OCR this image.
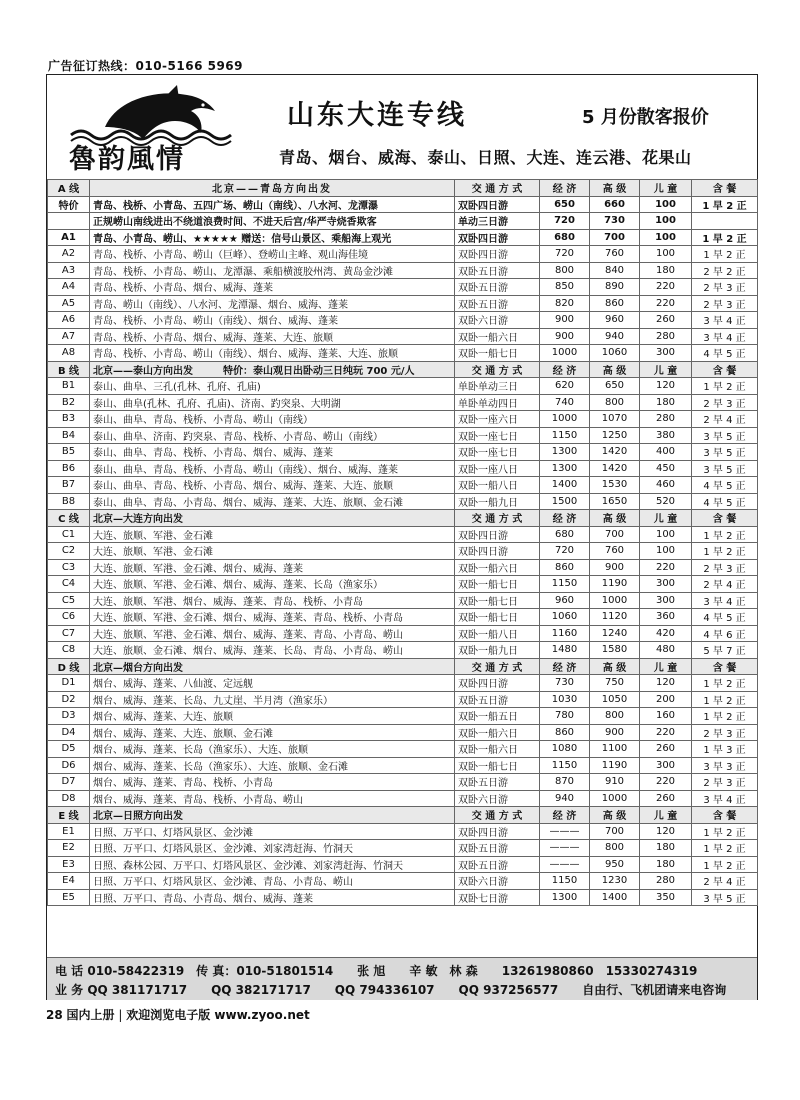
广告征订热线：010-5166 5969
魯韵風情
山东大连专线	5 月份散客报价
青岛、烟台、威海、泰山、日照、大连、连云港、花果山
A 线	北京——青岛方向出发	交 通 方 式	经 济	高 级	儿 童	含 餐
特价	青岛、栈桥、小青岛、五四广场、崂山（南线）、八水河、龙潭瀑	双卧四日游	650	660	100	1 早 2 正
	正规崂山南线进出不绕道浪费时间、不进天后宫/华严寺烧香欺客	单动三日游	720	730	100	
A1	青岛、小青岛、崂山、★★★★★ 赠送：信号山景区、乘船海上观光	双卧四日游	680	700	100	1 早 2 正
A2	青岛、栈桥、小青岛、崂山（巨峰）、登崂山主峰、观山海佳境	双卧四日游	720	760	100	1 早 2 正
A3	青岛、栈桥、小青岛、崂山、龙潭瀑、乘船横渡胶州湾、黄岛金沙滩	双卧五日游	800	840	180	2 早 2 正
A4	青岛、栈桥、小青岛、烟台、威海、蓬莱	双卧五日游	850	890	220	2 早 3 正
A5	青岛、崂山（南线）、八水河、龙潭瀑、烟台、威海、蓬莱	双卧五日游	820	860	220	2 早 3 正
A6	青岛、栈桥、小青岛、崂山（南线）、烟台、威海、蓬莱	双卧六日游	900	960	260	3 早 4 正
A7	青岛、栈桥、小青岛、烟台、威海、蓬莱、大连、旅顺	双卧一船六日	900	940	280	3 早 4 正
A8	青岛、栈桥、小青岛、崂山（南线）、烟台、威海、蓬莱、大连、旅顺	双卧一船七日	1000	1060	300	4 早 5 正
B 线	北京——泰山方向出发　　　特价：泰山观日出卧动三日纯玩 700 元/人	交 通 方 式	经 济	高 级	儿 童	含 餐
B1	泰山、曲阜、三孔(孔林、孔府、孔庙)	单卧单动三日	620	650	120	1 早 2 正
B2	泰山、曲阜(孔林、孔府、孔庙)、济南、趵突泉、大明湖	单卧单动四日	740	800	180	2 早 3 正
B3	泰山、曲阜、青岛、栈桥、小青岛、崂山（南线）	双卧一座六日	1000	1070	280	2 早 4 正
B4	泰山、曲阜、济南、趵突泉、青岛、栈桥、小青岛、崂山（南线）	双卧一座七日	1150	1250	380	3 早 5 正
B5	泰山、曲阜、青岛、栈桥、小青岛、烟台、威海、蓬莱	双卧一座七日	1300	1420	400	3 早 5 正
B6	泰山、曲阜、青岛、栈桥、小青岛、崂山（南线）、烟台、威海、蓬莱	双卧一座八日	1300	1420	450	3 早 5 正
B7	泰山、曲阜、青岛、栈桥、小青岛、烟台、威海、蓬莱、大连、旅顺	双卧一船八日	1400	1530	460	4 早 5 正
B8	泰山、曲阜、青岛、小青岛、烟台、威海、蓬莱、大连、旅顺、金石滩	双卧一船九日	1500	1650	520	4 早 5 正
C 线	北京—大连方向出发	交 通 方 式	经 济	高 级	儿 童	含 餐
C1	大连、旅顺、军港、金石滩	双卧四日游	680	700	100	1 早 2 正
C2	大连、旅顺、军港、金石滩	双卧四日游	720	760	100	1 早 2 正
C3	大连、旅顺、军港、金石滩、烟台、威海、蓬莱	双卧一船六日	860	900	220	2 早 3 正
C4	大连、旅顺、军港、金石滩、烟台、威海、蓬莱、长岛（渔家乐）	双卧一船七日	1150	1190	300	2 早 4 正
C5	大连、旅顺、军港、烟台、威海、蓬莱、青岛、栈桥、小青岛	双卧一船七日	960	1000	300	3 早 4 正
C6	大连、旅顺、军港、金石滩、烟台、威海、蓬莱、青岛、栈桥、小青岛	双卧一船七日	1060	1120	360	4 早 5 正
C7	大连、旅顺、军港、金石滩、烟台、威海、蓬莱、青岛、小青岛、崂山	双卧一船八日	1160	1240	420	4 早 6 正
C8	大连、旅顺、金石滩、烟台、威海、蓬莱、长岛、青岛、小青岛、崂山	双卧一船九日	1480	1580	480	5 早 7 正
D 线	北京—烟台方向出发	交 通 方 式	经 济	高 级	儿 童	含 餐
D1	烟台、威海、蓬莱、八仙渡、定远舰	双卧四日游	730	750	120	1 早 2 正
D2	烟台、威海、蓬莱、长岛、九丈崖、半月湾（渔家乐）	双卧五日游	1030	1050	200	1 早 2 正
D3	烟台、威海、蓬莱、大连、旅顺	双卧一船五日	780	800	160	1 早 2 正
D4	烟台、威海、蓬莱、大连、旅顺、金石滩	双卧一船六日	860	900	220	2 早 3 正
D5	烟台、威海、蓬莱、长岛（渔家乐）、大连、旅顺	双卧一船六日	1080	1100	260	1 早 3 正
D6	烟台、威海、蓬莱、长岛（渔家乐）、大连、旅顺、金石滩	双卧一船七日	1150	1190	300	3 早 3 正
D7	烟台、威海、蓬莱、青岛、栈桥、小青岛	双卧五日游	870	910	220	2 早 3 正
D8	烟台、威海、蓬莱、青岛、栈桥、小青岛、崂山	双卧六日游	940	1000	260	3 早 4 正
E 线	北京—日照方向出发	交 通 方 式	经 济	高 级	儿 童	含 餐
E1	日照、万平口、灯塔风景区、金沙滩	双卧四日游	———	700	120	1 早 2 正
E2	日照、万平口、灯塔风景区、金沙滩、刘家湾赶海、竹洞天	双卧五日游	———	800	180	1 早 2 正
E3	日照、森林公园、万平口、灯塔风景区、金沙滩、刘家湾赶海、竹洞天	双卧五日游	———	950	180	1 早 2 正
E4	日照、万平口、灯塔风景区、金沙滩、青岛、小青岛、崂山	双卧六日游	1150	1230	280	2 早 4 正
E5	日照、万平口、青岛、小青岛、烟台、威海、蓬莱	双卧七日游	1300	1400	350	3 早 5 正
电 话 010-58422319　传 真：010-51801514　　张 旭　　辛 敏　林 森　　13261980860　15330274319
业 务 QQ 381171717　　QQ 382171717　　QQ 794336107　　QQ 937256577　　自由行、飞机团请来电咨询
28 国内上册 | 欢迎浏览电子版 www.zyoo.net
